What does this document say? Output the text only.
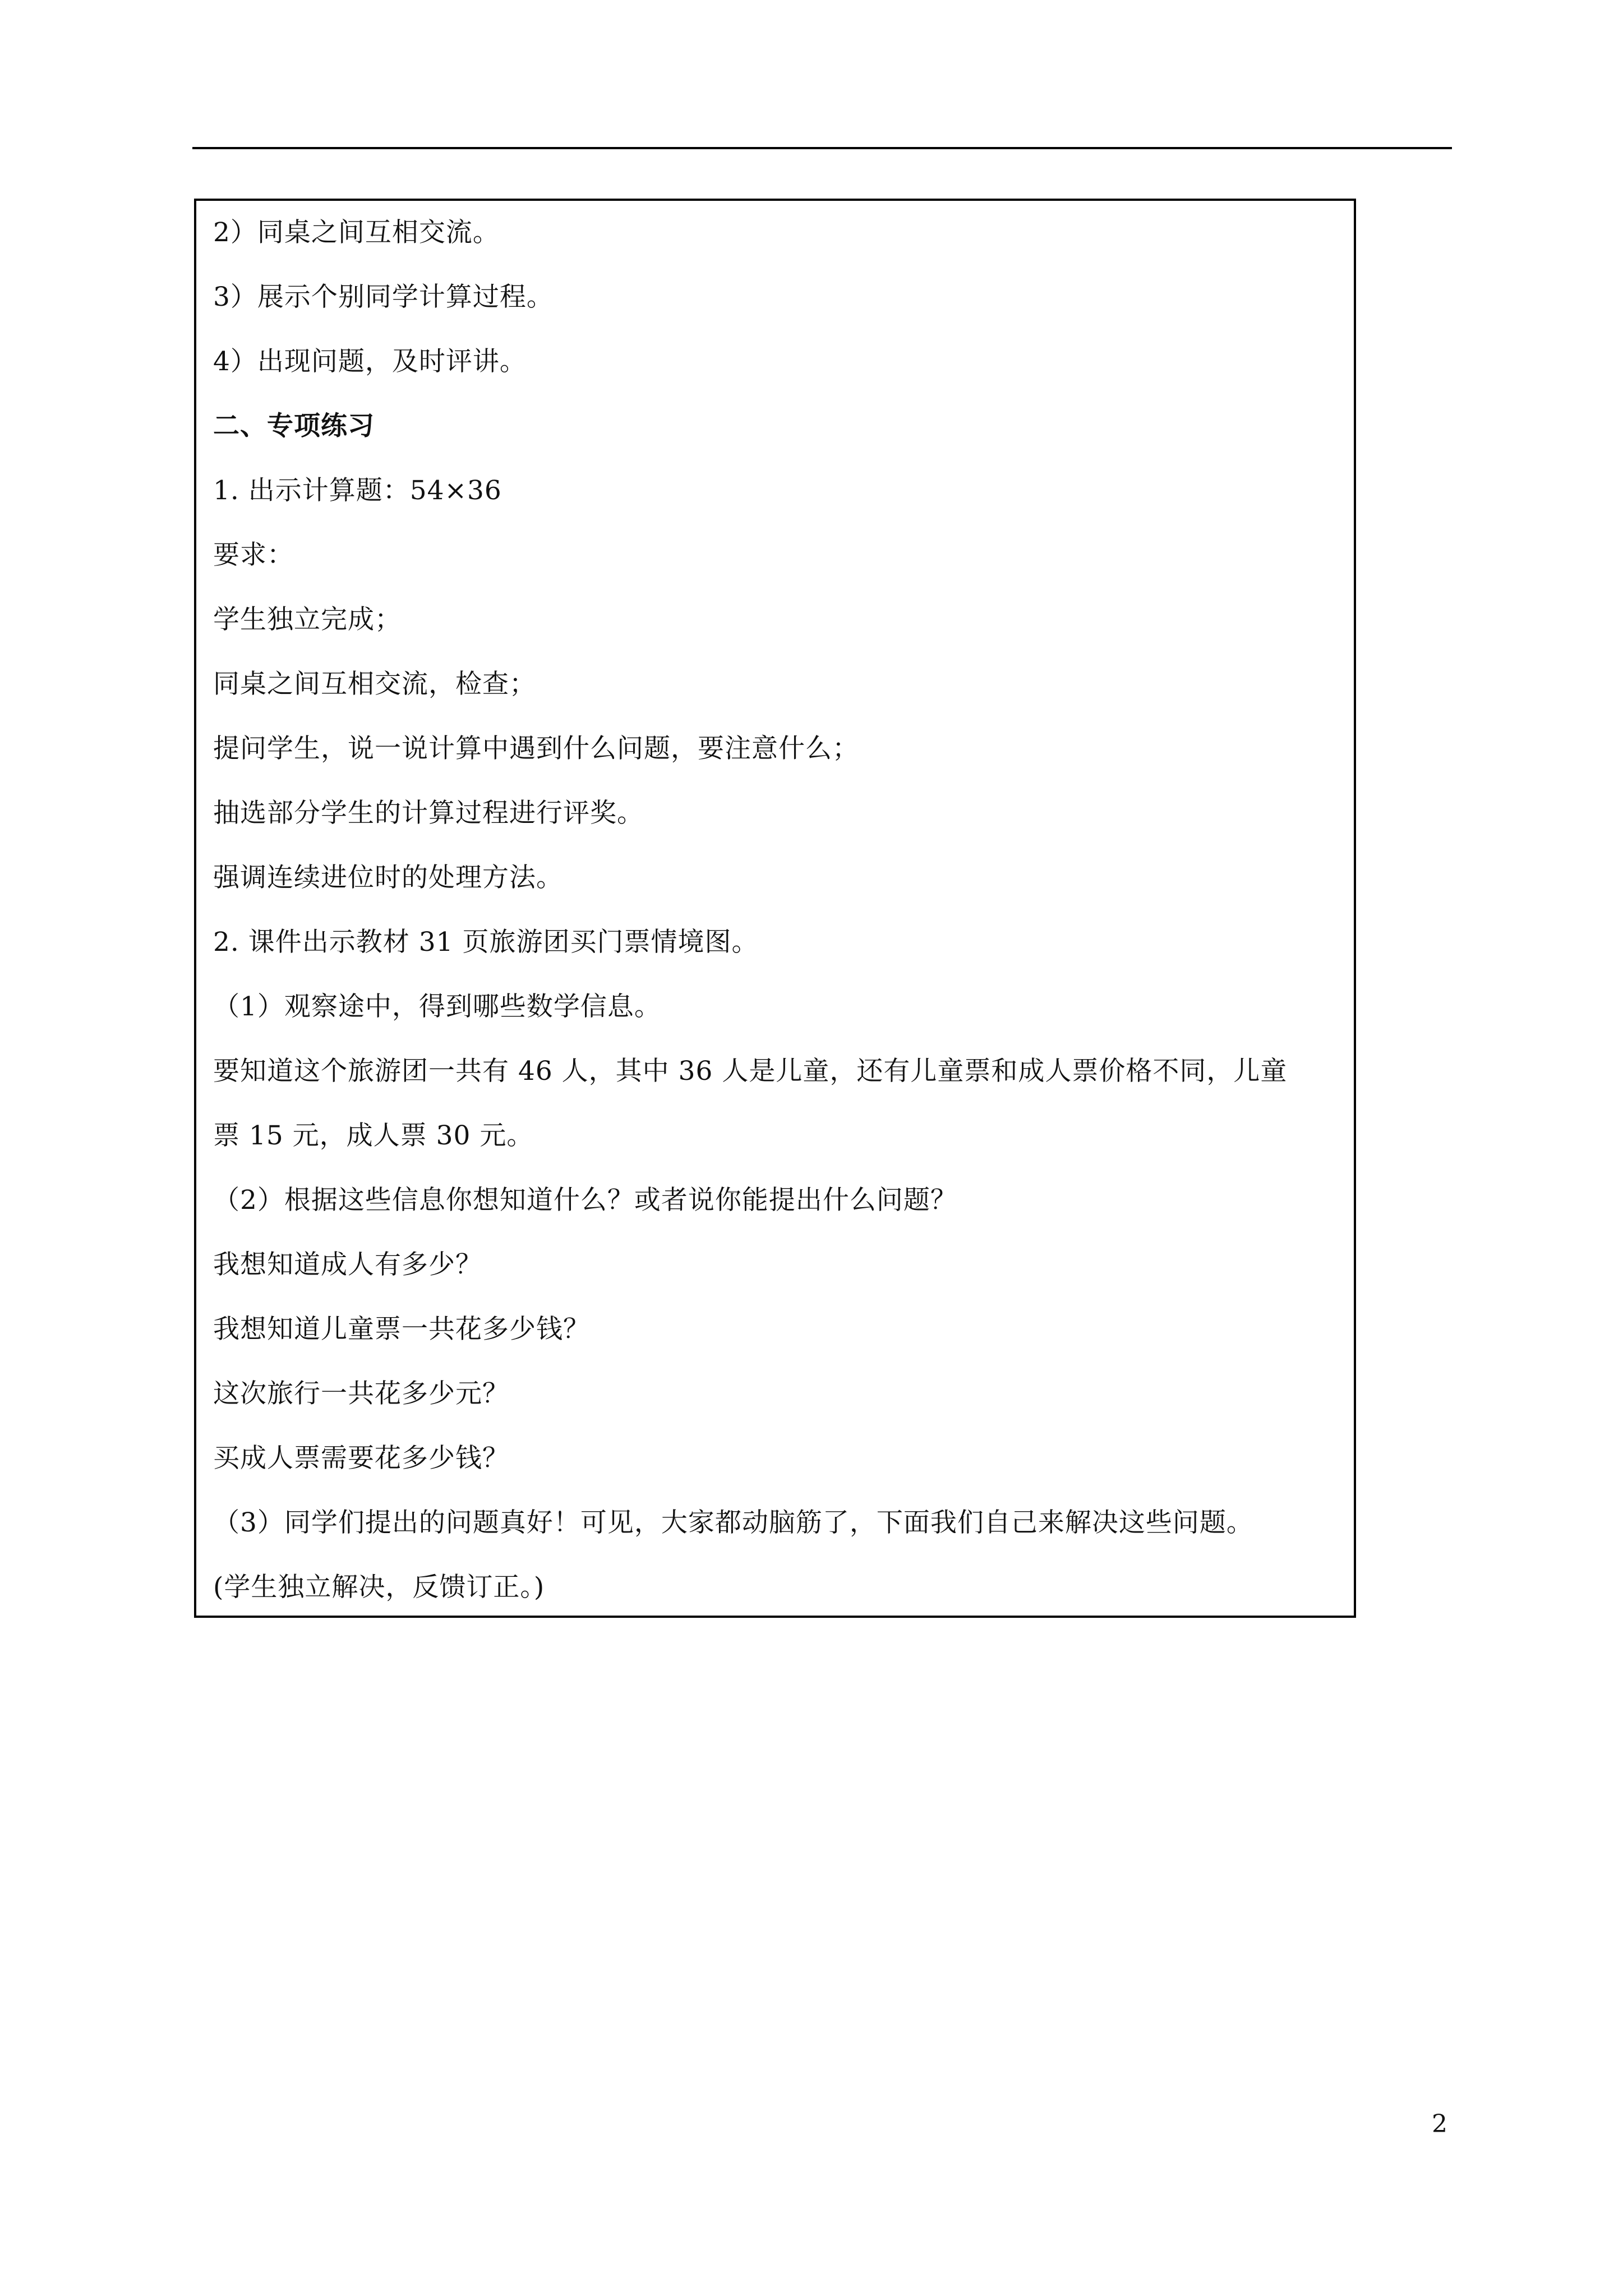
2）同桌之间互相交流。

3）展示个别同学计算过程。

4）出现问题，及时评讲。

二、专项练习

1. 出示计算题：54×36

要求：

学生独立完成；

同桌之间互相交流，检查；

提问学生，说一说计算中遇到什么问题，要注意什么；

抽选部分学生的计算过程进行评奖。

强调连续进位时的处理方法。

2. 课件出示教材 31 页旅游团买门票情境图。

（1）观察途中，得到哪些数学信息。

要知道这个旅游团一共有 46 人，其中 36 人是儿童，还有儿童票和成人票价格不同，儿童

票 15 元，成人票 30 元。

（2）根据这些信息你想知道什么？或者说你能提出什么问题？

我想知道成人有多少？

我想知道儿童票一共花多少钱？

这次旅行一共花多少元？

买成人票需要花多少钱？

（3）同学们提出的问题真好！可见，大家都动脑筋了，下面我们自己来解决这些问题。

(学生独立解决，反馈订正。)

2
